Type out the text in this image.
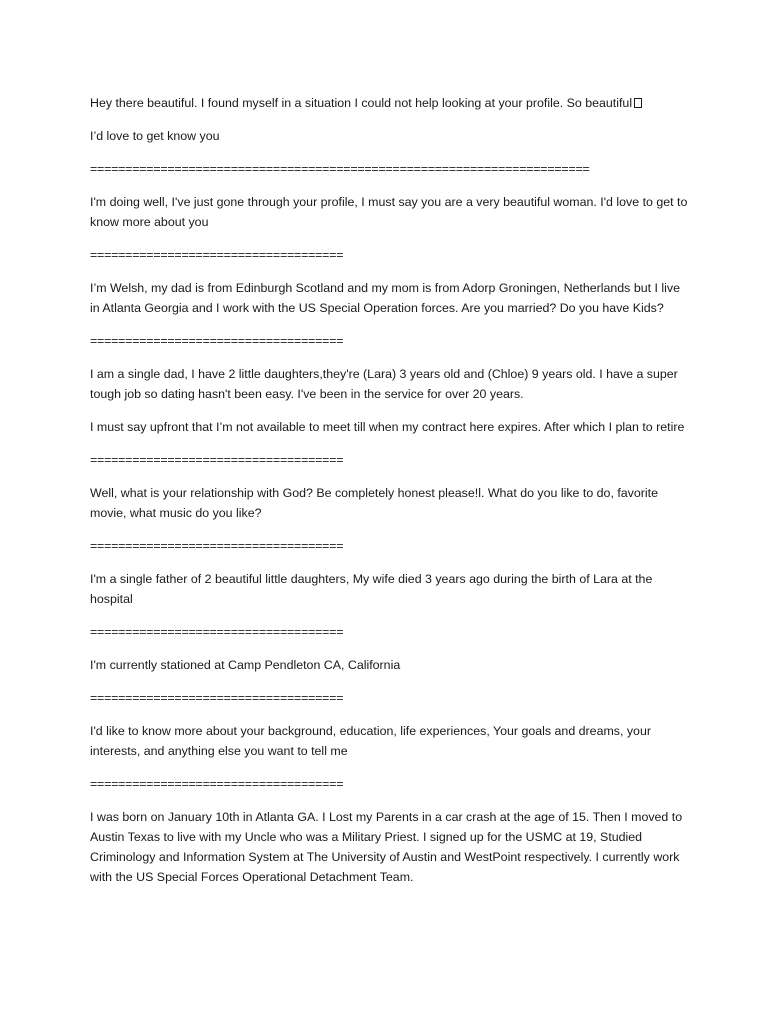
Hey there beautiful. I found myself in a situation I could not help looking at your profile. So beautiful

I’d love to get know you

=======================================================================

I'm doing well, I've just gone through your profile, I must say you are a very beautiful woman. I'd love to get to know more about you

====================================

I’m Welsh, my dad is from Edinburgh Scotland and my mom is from Adorp Groningen, Netherlands but I live in Atlanta Georgia and I work with the US Special Operation forces. Are you married? Do you have Kids?

====================================

I am a single dad, I have 2 little daughters,they're (Lara) 3 years old and (Chloe) 9 years old. I have a super tough job so dating hasn't been easy. I've been in the service for over 20 years.

I must say upfront that I’m not available to meet till when my contract here expires. After which I plan to retire

====================================

Well, what is your relationship with God? Be completely honest please!l. What do you like to do, favorite movie, what music do you like?

====================================

I'm a single father of 2 beautiful little daughters, My wife died 3 years ago during the birth of Lara at the hospital

====================================

I'm currently stationed at Camp Pendleton CA, California

====================================

I'd like to know more about your background, education, life experiences, Your goals and dreams, your interests, and anything else you want to tell me

====================================

I was born on January 10th in Atlanta GA. I Lost my Parents in a car crash at the age of 15. Then I moved to Austin Texas to live with my Uncle who was a Military Priest. I signed up for the USMC at 19, Studied Criminology and Information System at The University of Austin and WestPoint respectively. I currently work with the US Special Forces Operational Detachment Team.
